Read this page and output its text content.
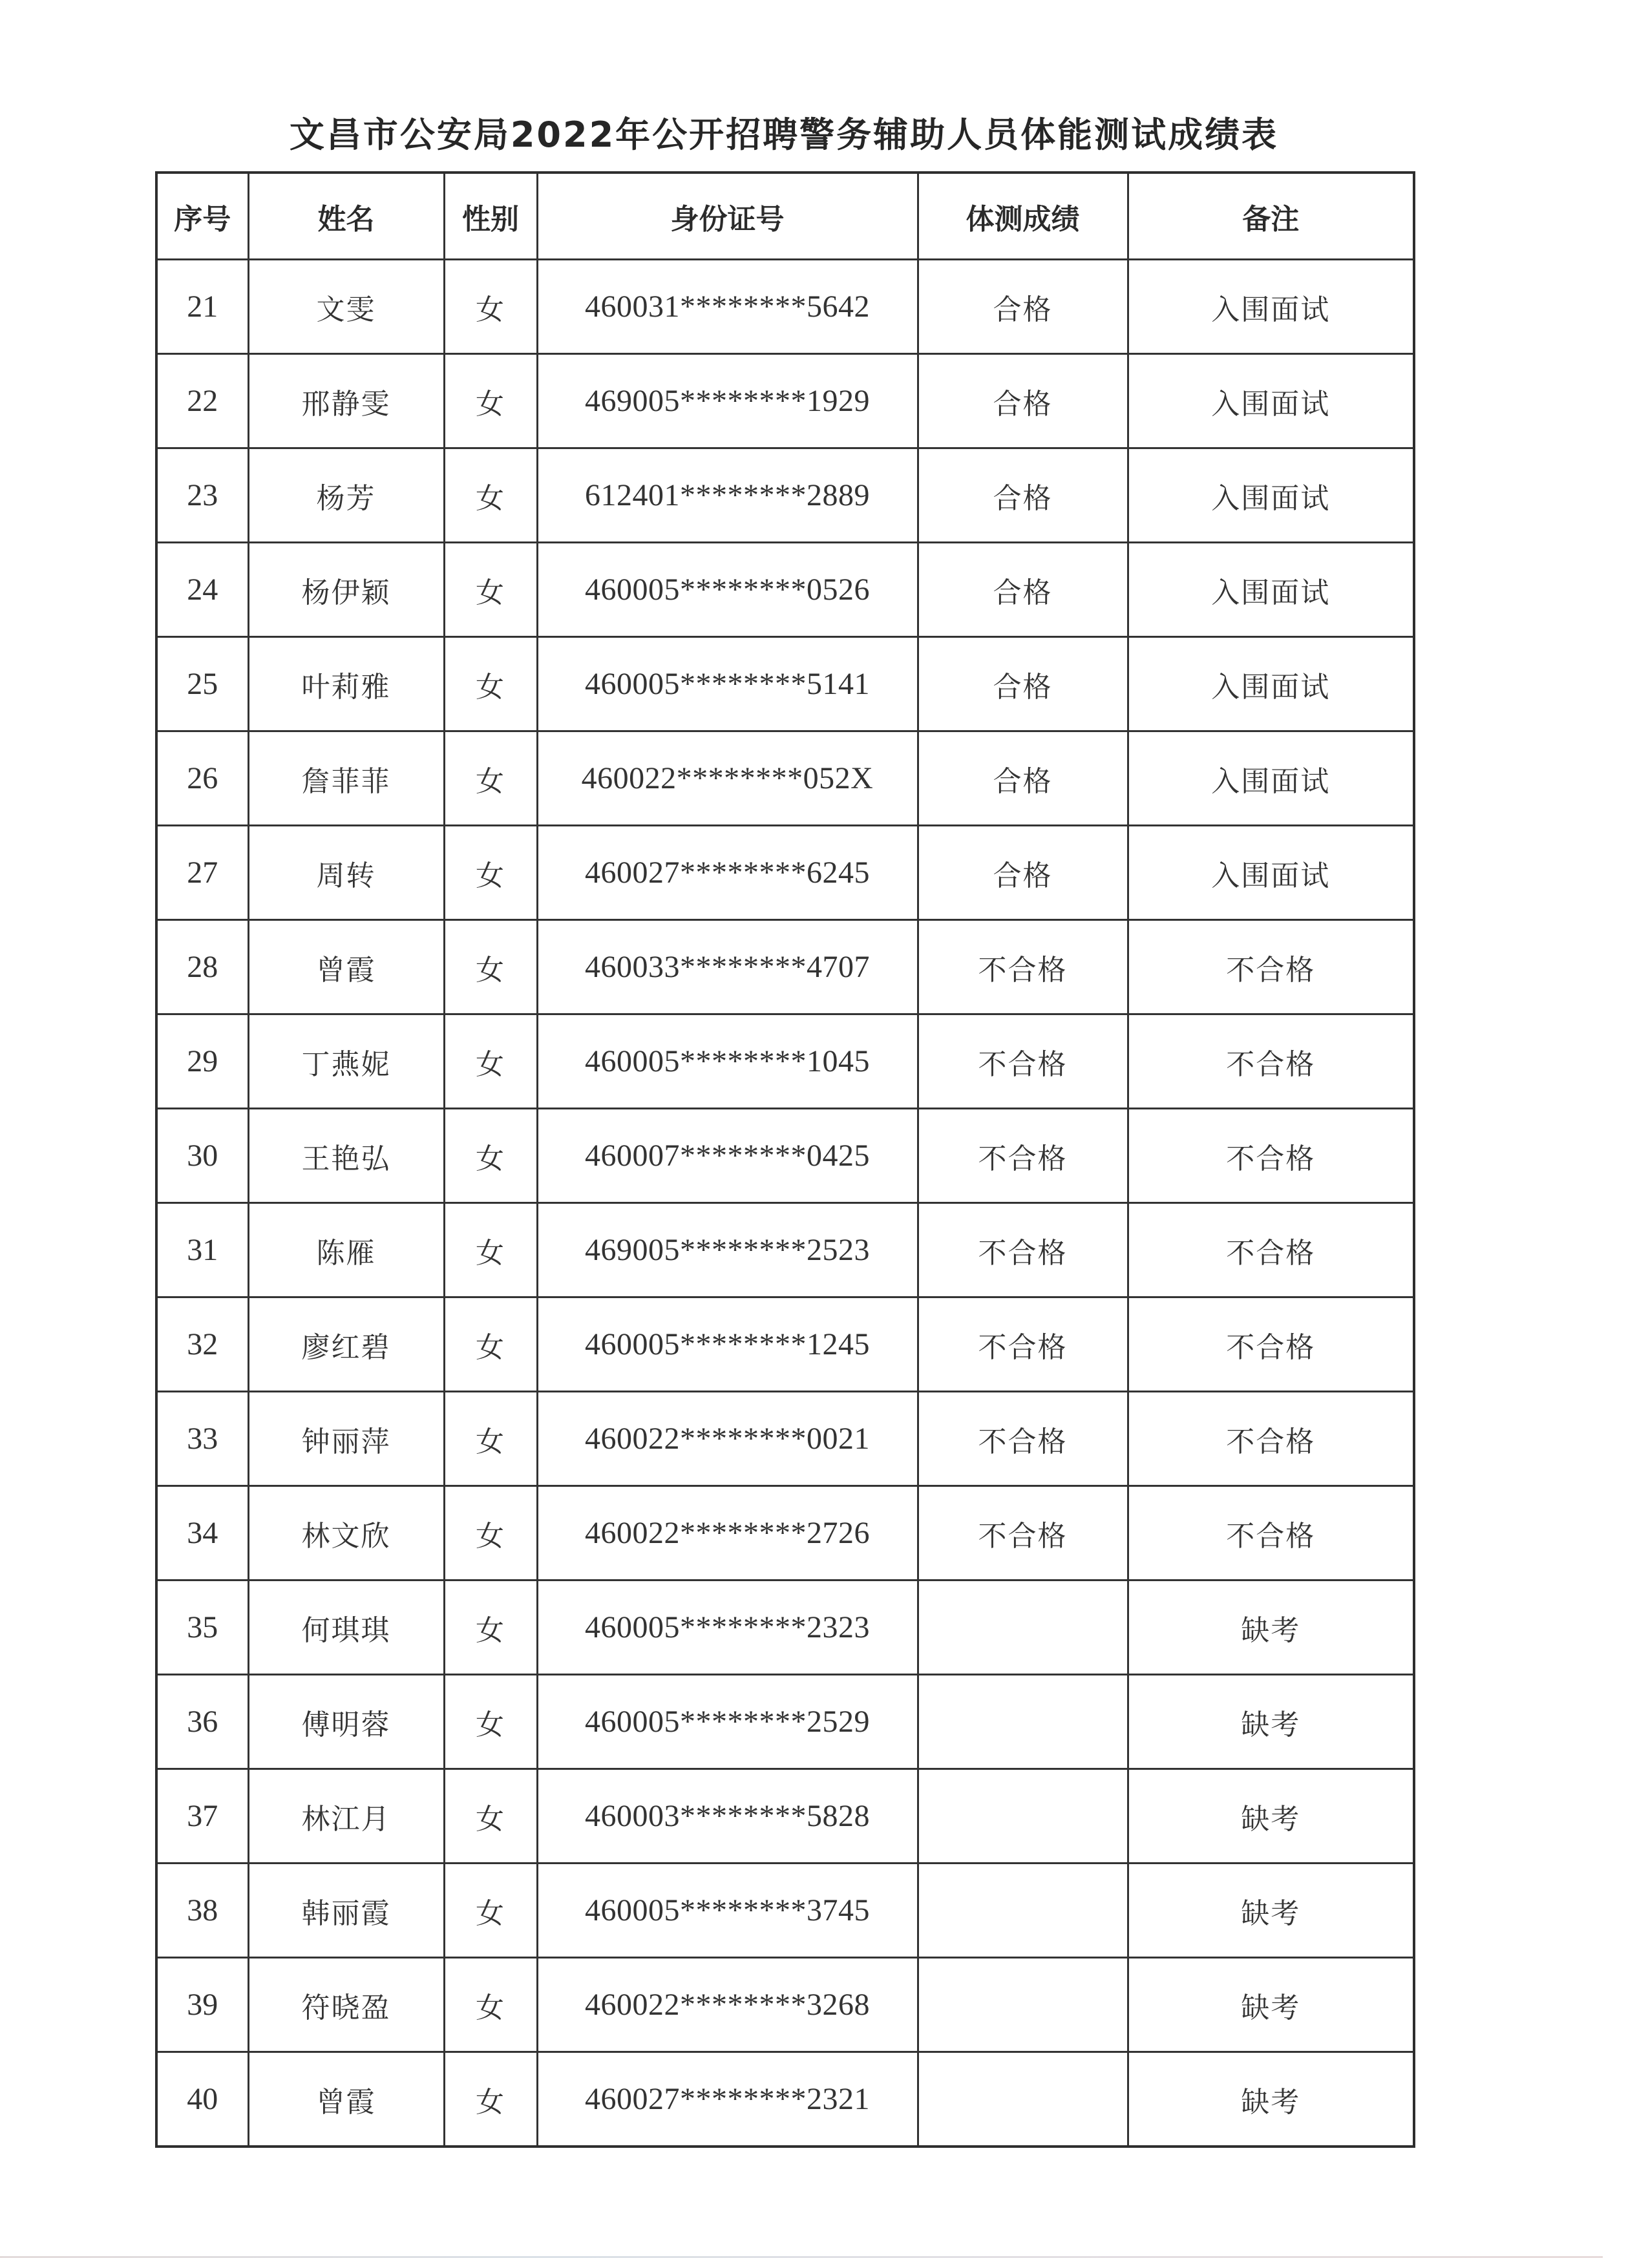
文昌市公安局2022年公开招聘警务辅助人员体能测试成绩表
序号	姓名	性别	身份证号	体测成绩	备注
21	文雯	女	460031********5642	合格	入围面试
22	邢静雯	女	469005********1929	合格	入围面试
23	杨芳	女	612401********2889	合格	入围面试
24	杨伊颖	女	460005********0526	合格	入围面试
25	叶莉雅	女	460005********5141	合格	入围面试
26	詹菲菲	女	460022********052X	合格	入围面试
27	周转	女	460027********6245	合格	入围面试
28	曾霞	女	460033********4707	不合格	不合格
29	丁燕妮	女	460005********1045	不合格	不合格
30	王艳弘	女	460007********0425	不合格	不合格
31	陈雁	女	469005********2523	不合格	不合格
32	廖红碧	女	460005********1245	不合格	不合格
33	钟丽萍	女	460022********0021	不合格	不合格
34	林文欣	女	460022********2726	不合格	不合格
35	何琪琪	女	460005********2323		缺考
36	傅明蓉	女	460005********2529		缺考
37	林江月	女	460003********5828		缺考
38	韩丽霞	女	460005********3745		缺考
39	符晓盈	女	460022********3268		缺考
40	曾霞	女	460027********2321		缺考
